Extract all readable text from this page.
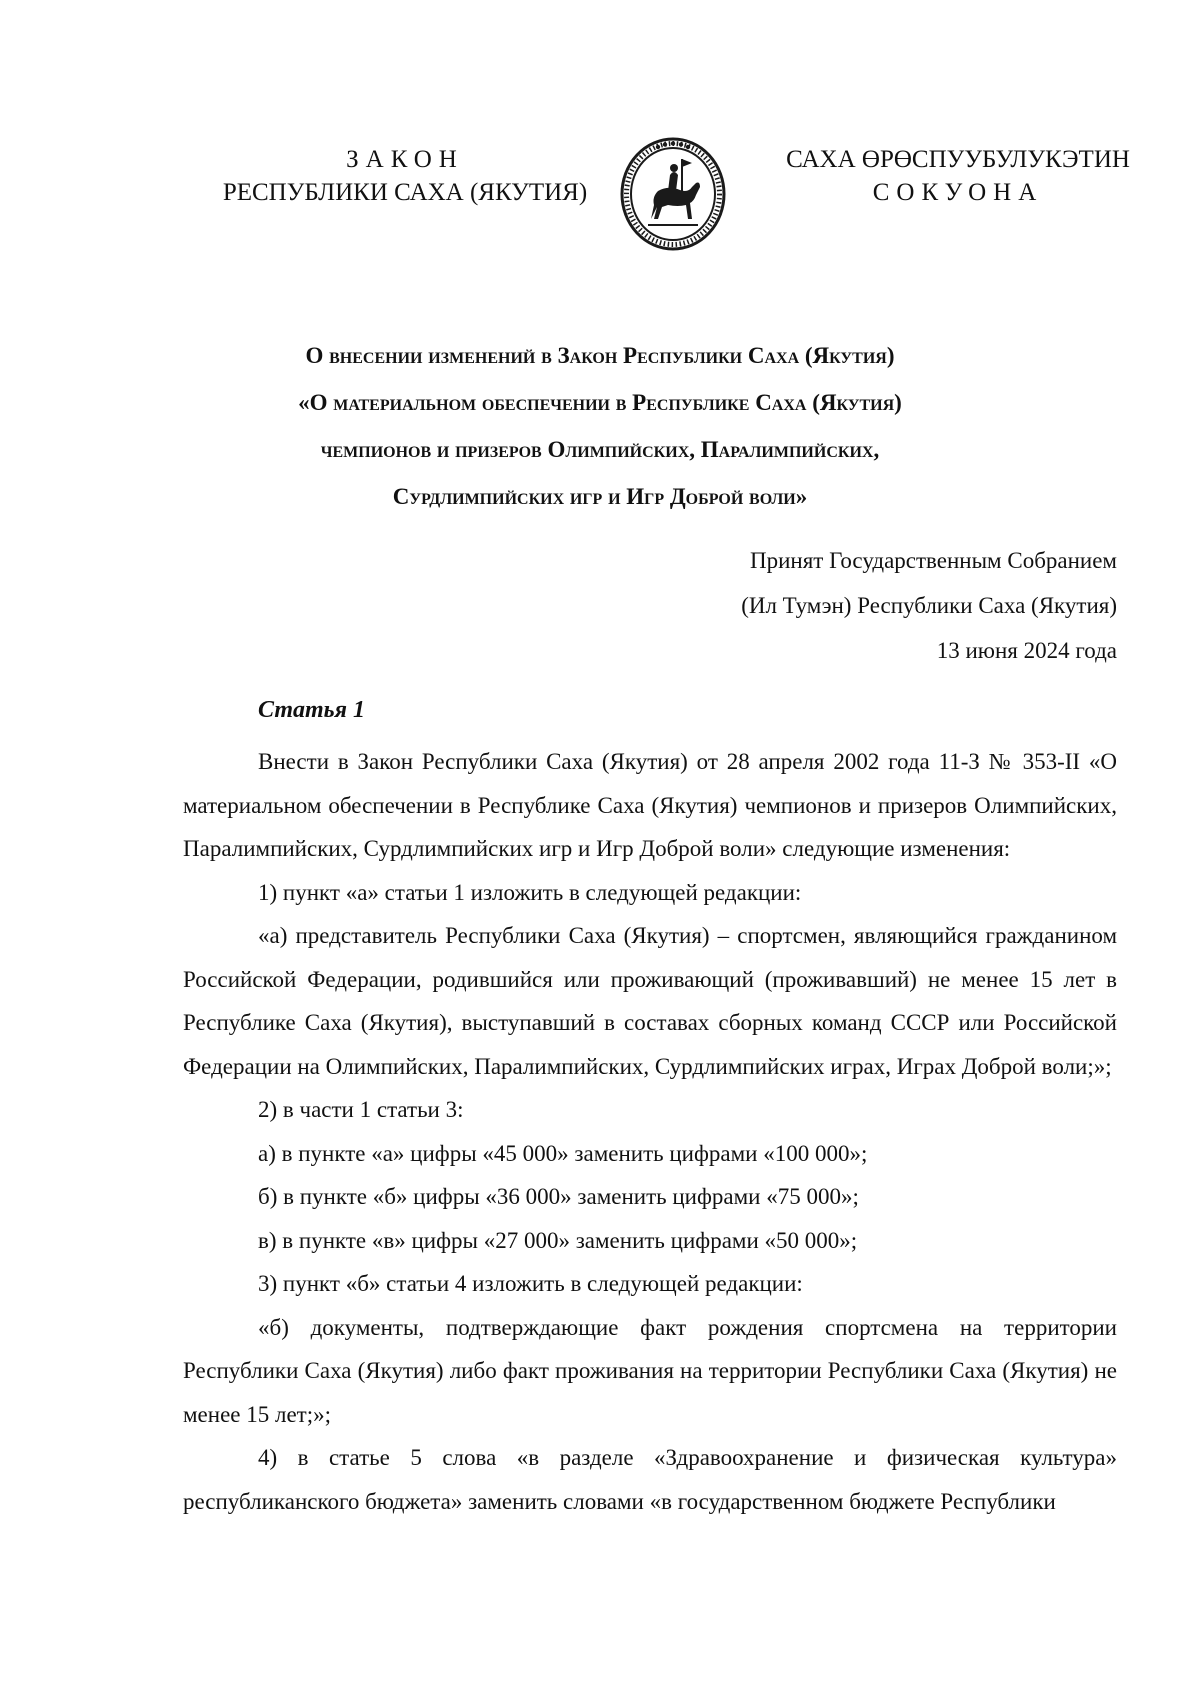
ЗАКОН
РЕСПУБЛИКИ САХА (ЯКУТИЯ)
САХА ӨРӨСПУУБУЛУКЭТИН
СОКУОНА
О внесении изменений в Закон Республики Саха (Якутия)
«О материальном обеспечении в Республике Саха (Якутия)
чемпионов и призеров Олимпийских, Паралимпийских,
Сурдлимпийских игр и Игр Доброй воли»
Принят Государственным Собранием
(Ил Тумэн) Республики Саха (Якутия)
13 июня 2024 года
Статья 1

Внести в Закон Республики Саха (Якутия) от 28 апреля 2002 года 11-З № 353-II «О материальном обеспечении в Республике Саха (Якутия) чемпионов и призеров Олимпийских, Паралимпийских, Сурдлимпийских игр и Игр Доброй воли» следующие изменения:

1) пункт «а» статьи 1 изложить в следующей редакции:

«а) представитель Республики Саха (Якутия) – спортсмен, являющийся гражданином Российской Федерации, родившийся или проживающий (проживавший) не менее 15 лет в Республике Саха (Якутия), выступавший в составах сборных команд СССР или Российской Федерации на Олимпийских, Паралимпийских, Сурдлимпийских играх, Играх Доброй воли;»;

2) в части 1 статьи 3:

а) в пункте «а» цифры «45 000» заменить цифрами «100 000»;

б) в пункте «б» цифры «36 000» заменить цифрами «75 000»;

в) в пункте «в» цифры «27 000» заменить цифрами «50 000»;

3) пункт «б» статьи 4 изложить в следующей редакции:

«б) документы, подтверждающие факт рождения спортсмена на территории Республики Саха (Якутия) либо факт проживания на территории Республики Саха (Якутия) не менее 15 лет;»;

4) в статье 5 слова «в разделе «Здравоохранение и физическая культура» республиканского бюджета» заменить словами «в государственном бюджете Республики
